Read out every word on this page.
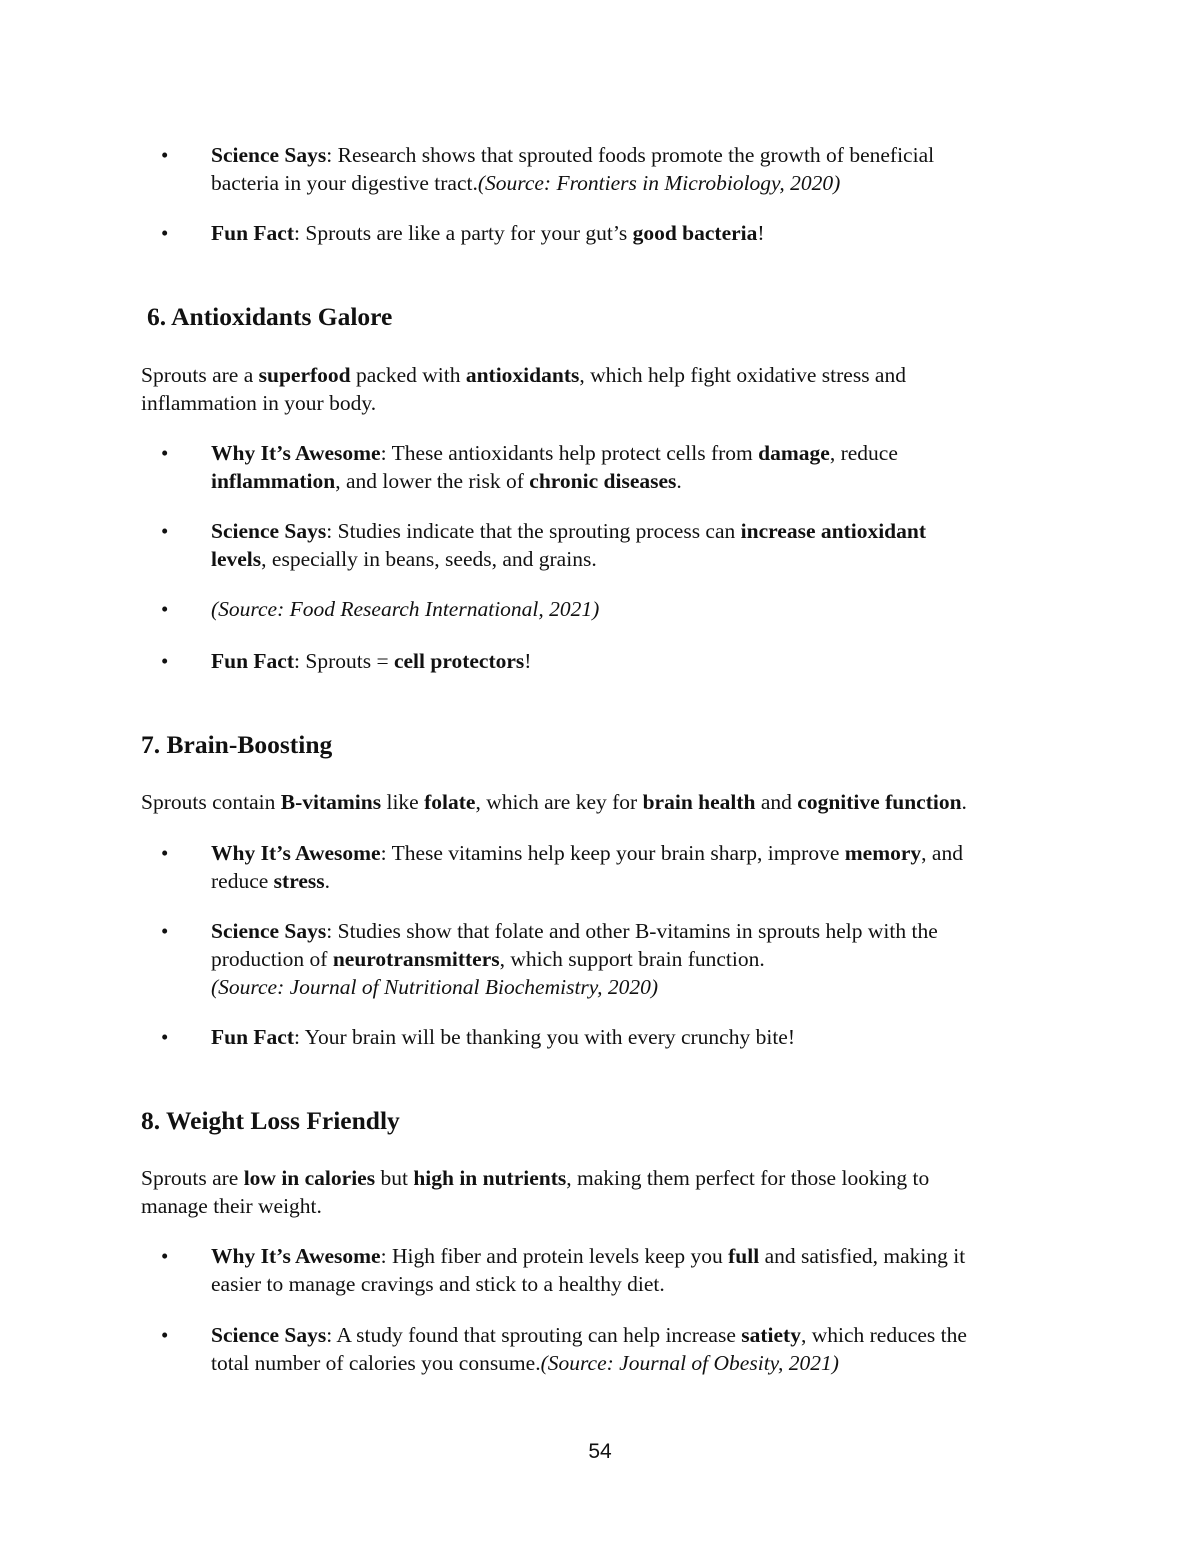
• Science Says: Research shows that sprouted foods promote the growth of beneficial
bacteria in your digestive tract.(Source: Frontiers in Microbiology, 2020)
• Fun Fact: Sprouts are like a party for your gut’s good bacteria!
6. Antioxidants Galore
Sprouts are a superfood packed with antioxidants, which help fight oxidative stress and
inflammation in your body.
• Why It’s Awesome: These antioxidants help protect cells from damage, reduce
inflammation, and lower the risk of chronic diseases.
• Science Says: Studies indicate that the sprouting process can increase antioxidant
levels, especially in beans, seeds, and grains.
• (Source: Food Research International, 2021)
• Fun Fact: Sprouts = cell protectors!
7. Brain-Boosting
Sprouts contain B-vitamins like folate, which are key for brain health and cognitive function.
• Why It’s Awesome: These vitamins help keep your brain sharp, improve memory, and
reduce stress.
• Science Says: Studies show that folate and other B-vitamins in sprouts help with the
production of neurotransmitters, which support brain function.
(Source: Journal of Nutritional Biochemistry, 2020)
• Fun Fact: Your brain will be thanking you with every crunchy bite!
8. Weight Loss Friendly
Sprouts are low in calories but high in nutrients, making them perfect for those looking to
manage their weight.
• Why It’s Awesome: High fiber and protein levels keep you full and satisfied, making it
easier to manage cravings and stick to a healthy diet.
• Science Says: A study found that sprouting can help increase satiety, which reduces the
total number of calories you consume.(Source: Journal of Obesity, 2021)
54
